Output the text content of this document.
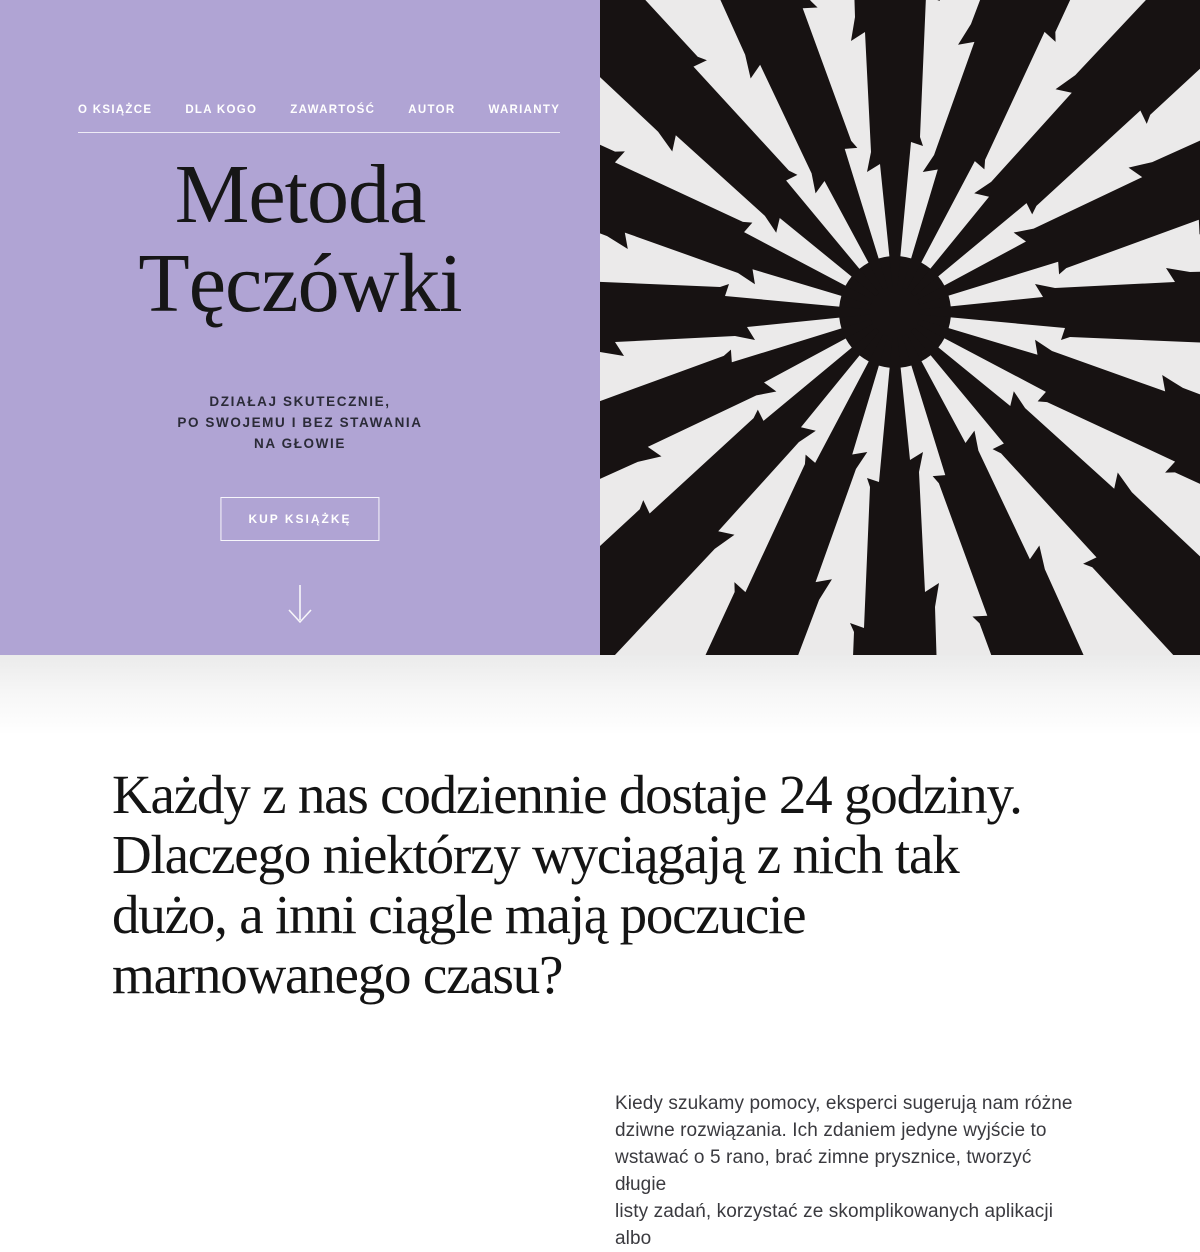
O KSIĄŻCE	DLA KOGO	ZAWARTOŚĆ	AUTOR	WARIANTY
Metoda
Tęczówki

DZIAŁAJ SKUTECZNIE,
PO SWOJEMU I BEZ STAWANIA
NA GŁOWIE

KUP KSIĄŻKĘ
Każdy z nas codziennie dostaje 24 godziny.
Dlaczego niektórzy wyciągają z nich tak
dużo, a inni ciągle mają poczucie
marnowanego czasu?
Kiedy szukamy pomocy, eksperci sugerują nam różne
dziwne rozwiązania. Ich zdaniem jedyne wyjście to
wstawać o 5 rano, brać zimne prysznice, tworzyć długie
listy zadań, korzystać ze skomplikowanych aplikacji albo
